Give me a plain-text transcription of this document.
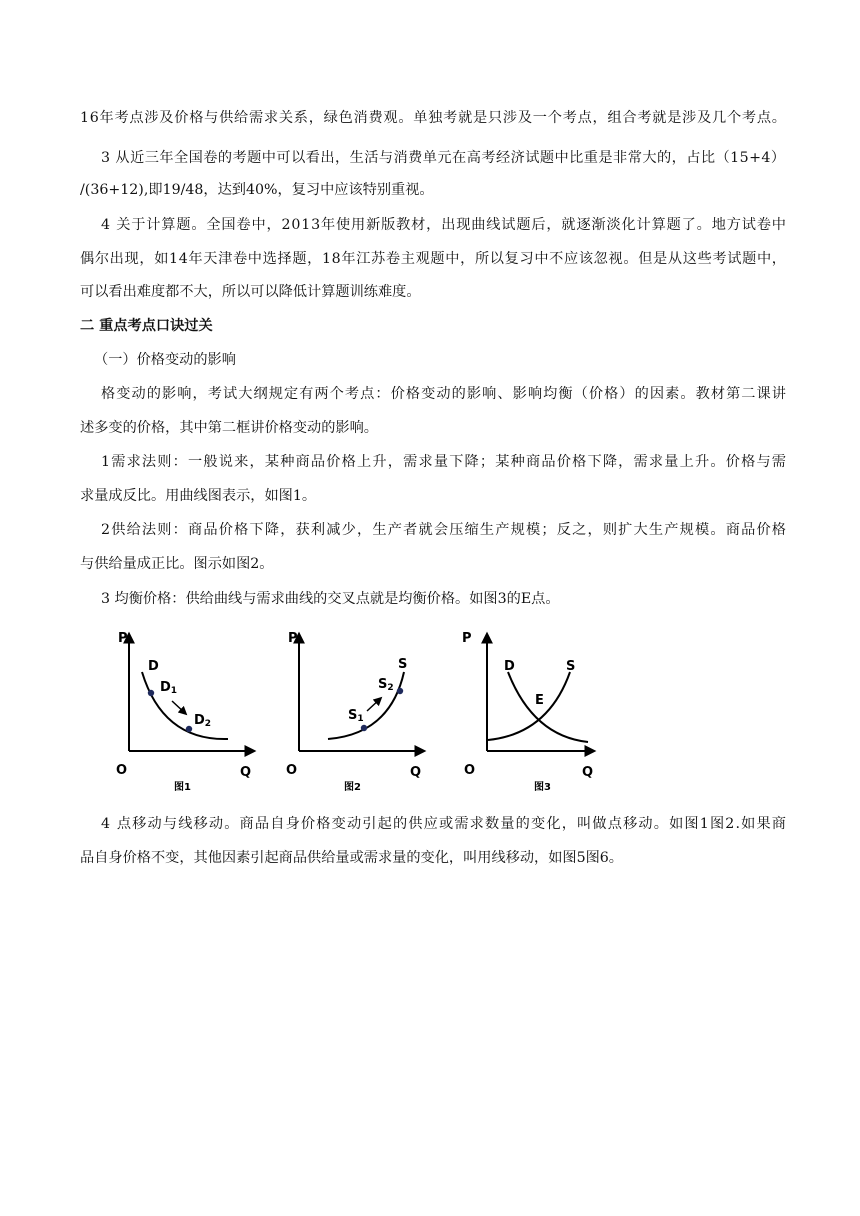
16年考点涉及价格与供给需求关系，绿色消费观。单独考就是只涉及一个考点，组合考就是涉及几个考点。

3 从近三年全国卷的考题中可以看出，生活与消费单元在高考经济试题中比重是非常大的，占比（15+4）

/(36+12),即19/48，达到40%，复习中应该特别重视。

4 关于计算题。全国卷中，2013年使用新版教材，出现曲线试题后，就逐渐淡化计算题了。地方试卷中

偶尔出现，如14年天津卷中选择题，18年江苏卷主观题中，所以复习中不应该忽视。但是从这些考试题中，

可以看出难度都不大，所以可以降低计算题训练难度。

二 重点考点口诀过关

（一）价格变动的影响

格变动的影响，考试大纲规定有两个考点：价格变动的影响、影响均衡（价格）的因素。教材第二课讲

述多变的价格，其中第二框讲价格变动的影响。

1需求法则：一般说来，某种商品价格上升，需求量下降；某种商品价格下降，需求量上升。价格与需

求量成反比。用曲线图表示，如图1。

2供给法则：商品价格下降，获利减少，生产者就会压缩生产规模；反之，则扩大生产规模。商品价格

与供给量成正比。图示如图2。

3 均衡价格：供给曲线与需求曲线的交叉点就是均衡价格。如图3的E点。

P
O	Q
D
D1
D2
图1
P
O	Q
S
S1
S2
图2
P
O	Q
D	S
E
图3

4 点移动与线移动。商品自身价格变动引起的供应或需求数量的变化，叫做点移动。如图1图2.如果商

品自身价格不变，其他因素引起商品供给量或需求量的变化，叫用线移动，如图5图6。
